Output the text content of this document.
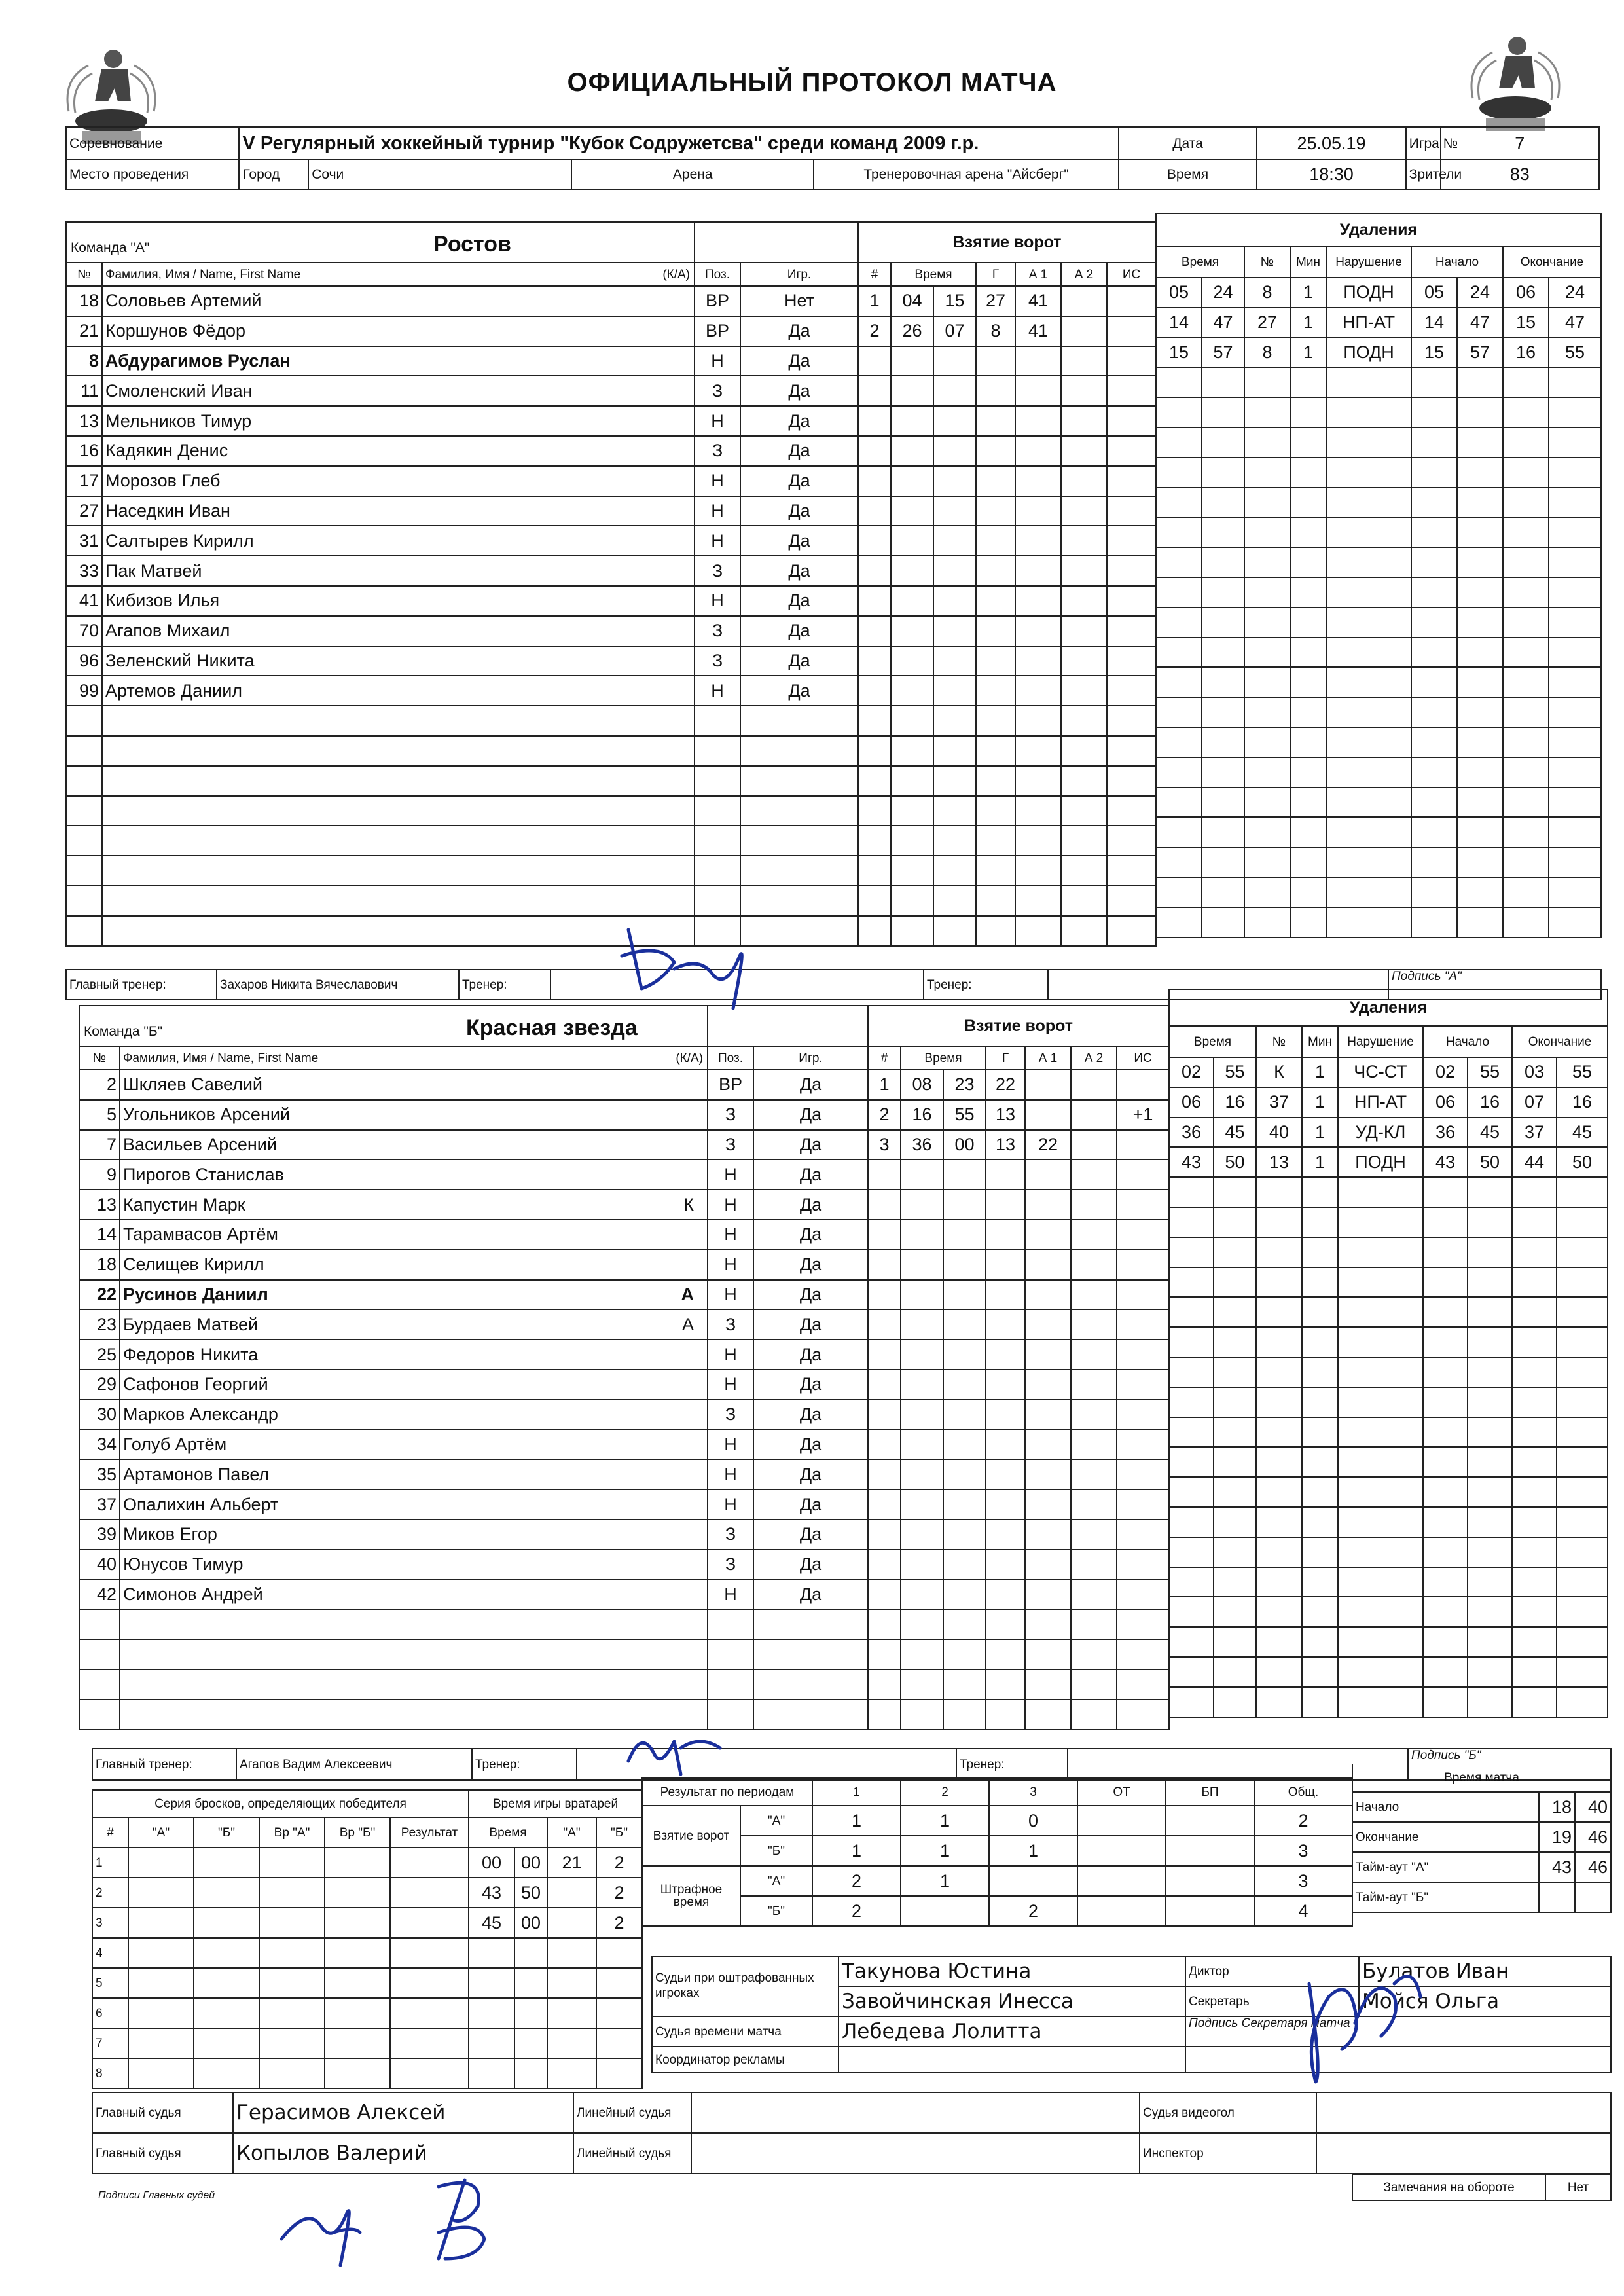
ОФИЦИАЛЬНЫЙ ПРОТОКОЛ МАТЧА
Соревнование	V Регулярный хоккейный турнир "Кубок Содружетсва" среди команд 2009 г.р.				Дата	25.05.19	Игра №	7
Место проведения	Город	Сочи	Арена	Тренеровочная арена "Айсберг"	Время	18:30	Зрители	83
Команда "А" Ростов			

№	Фамилия, Имя / Name, First Name (К/А)	Поз.	Игр.
18	Соловьев Артемий	ВР	Нет
21	Коршунов Фёдор	ВР	Да
8	Абдурагимов Руслан	Н	Да
11	Смоленский Иван	З	Да
13	Мельников Тимур	Н	Да
16	Кадякин Денис	З	Да
17	Морозов Глеб	Н	Да
27	Наседкин Иван	Н	Да
31	Салтырев Кирилл	Н	Да
33	Пак Матвей	З	Да
41	Кибизов Илья	Н	Да
70	Агапов Михаил	З	Да
96	Зеленский Никита	З	Да
99	Артемов Даниил	Н	Да

Взятие ворот						
#	Время		Г	А 1	А 2	ИС
1	04	15	27	41		
2	26	07	8	41		

Удаления								
Время		№	Мин	Нарушение	Начало		Окончание	
05	24	8	1	ПОДН	05	24	06	24
14	47	27	1	НП-АТ	14	47	15	47
15	57	8	1	ПОДН	15	57	16	55

Главный тренер:	Захаров Никита Вячеславович	Тренер:		Тренер:		Подпись "А"
Команда "Б" Красная звезда			

№	Фамилия, Имя / Name, First Name (К/А)	Поз.	Игр.
2	Шкляев Савелий	ВР	Да
5	Угольников Арсений	З	Да
7	Васильев Арсений	З	Да
9	Пирогов Станислав	Н	Да
13	Капустин Марк К	Н	Да
14	Тарамвасов Артём	Н	Да
18	Селищев Кирилл	Н	Да
22	Русинов Даниил А	Н	Да
23	Бурдаев Матвей А	З	Да
25	Федоров Никита	Н	Да
29	Сафонов Георгий	Н	Да
30	Марков Александр	З	Да
34	Голуб Артём	Н	Да
35	Артамонов Павел	Н	Да
37	Опалихин Альберт	Н	Да
39	Миков Егор	З	Да
40	Юнусов Тимур	З	Да
42	Симонов Андрей	Н	Да

Взятие ворот						
#	Время		Г	А 1	А 2	ИС
1	08	23	22			
2	16	55	13			+1
3	36	00	13	22		

Удаления								
Время		№	Мин	Нарушение	Начало		Окончание	
02	55	К	1	ЧС-СТ	02	55	03	55
06	16	37	1	НП-АТ	06	16	07	16
36	45	40	1	УД-КЛ	36	45	37	45
43	50	13	1	ПОДН	43	50	44	50

Главный тренер:	Агапов Вадим Алексеевич	Тренер:		Тренер:		Подпись "Б"
Серия бросков, определяющих победителя					
#	"А"	"Б"	Вр "А"	Вр "Б"	Результат
1					
2					
3					
4					
5					
6					
7					
8					
Время игры вратарей			
Время		"А"	"Б"
00	00	21	2
43	50		2
45	00		2

Результат по периодам		1	2	3	ОТ	БП	Общ.
Взятие ворот	"А"	1	1	0			2
	"Б"	1	1	1			3
Штрафное время	"А"	2	1				3
	"Б"	2		2			4
Время матча		
Начало	18	40
Окончание	19	46
Тайм-аут "А"	43	46
Тайм-аут "Б"		
Судьи при оштрафованных игроках	Такунова Юстина	Диктор	Булатов Иван
	Завойчинская Инесса	Секретарь	Мойся Ольга
Судья времени матча	Лебедева Лолитта	Подпись Секретаря матча	
Координатор рекламы			
Главный судья	Герасимов Алексей	Линейный судья		Судья видеогол	
Главный судья	Копылов Валерий	Линейный судья		Инспектор	
Подписи Главных судей
Замечания на обороте	Нет
